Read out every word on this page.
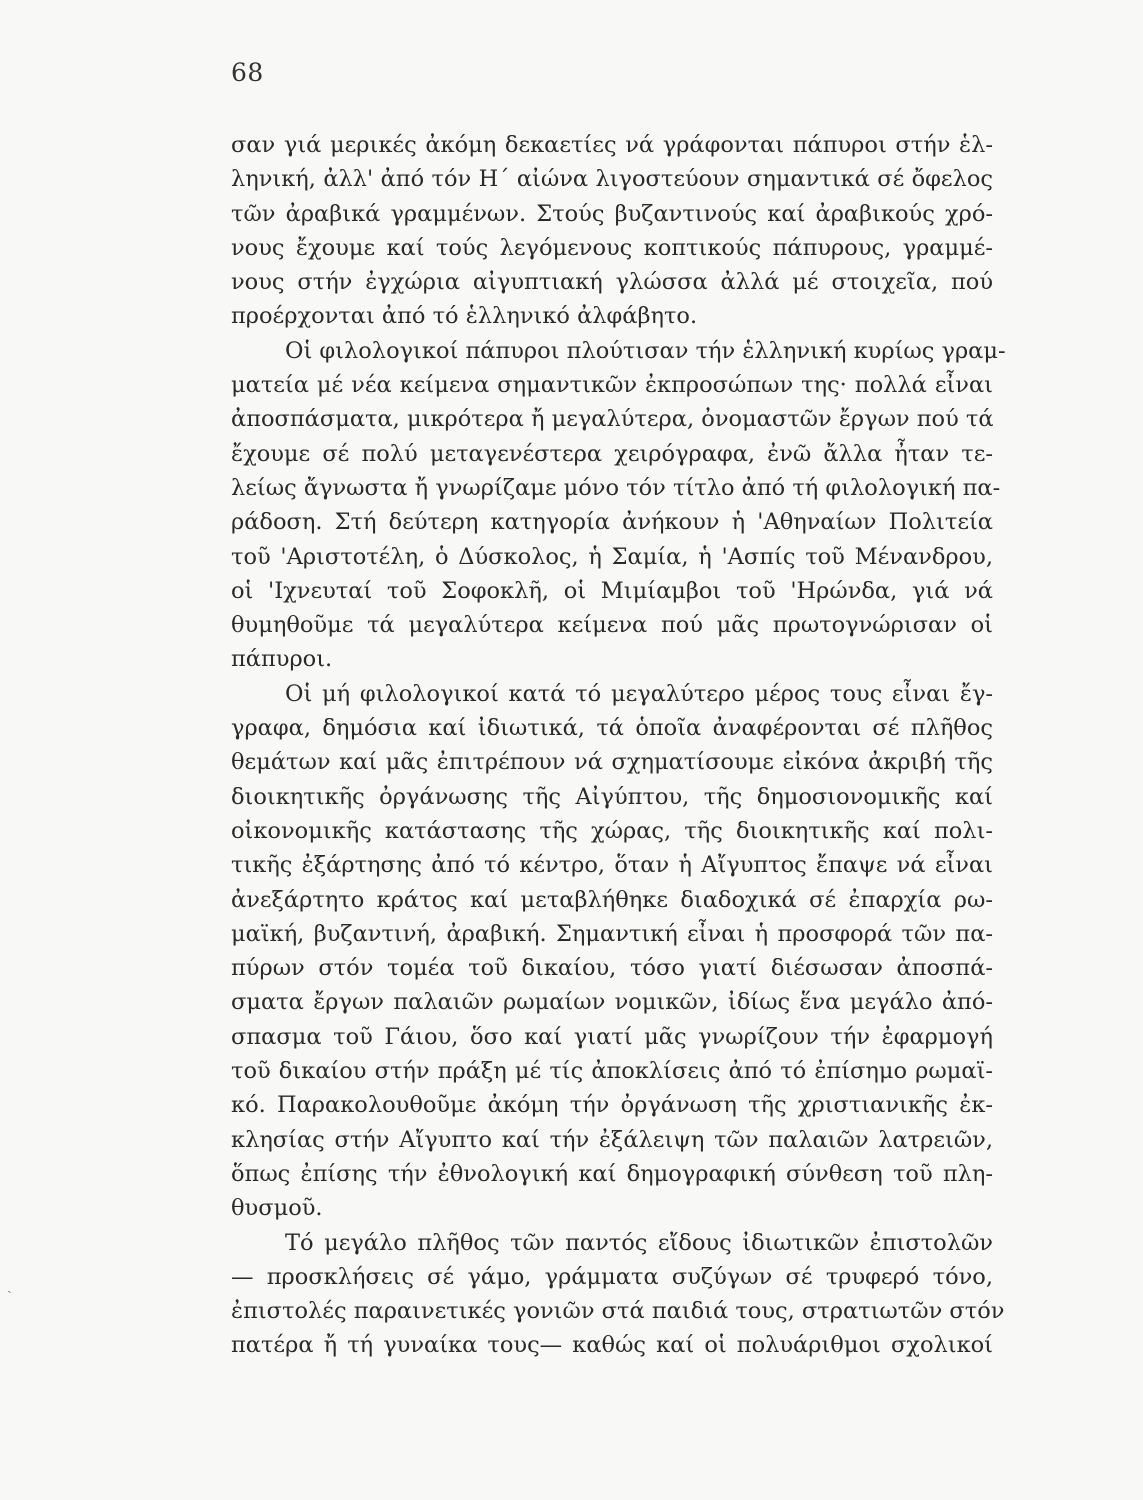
68
σαν γιά μερικές ἀκόμη δεκαετίες νά γράφονται πάπυροι στήν ἑλ-
ληνική, ἀλλ' ἀπό τόν Η΄ αἰώνα λιγοστεύουν σημαντικά σέ ὄφελος
τῶν ἀραβικά γραμμένων. Στούς βυζαντινούς καί ἀραβικούς χρό-
νους ἔχουμε καί τούς λεγόμενους κοπτικούς πάπυρους, γραμμέ-
νους στήν ἐγχώρια αἰγυπτιακή γλώσσα ἀλλά μέ στοιχεῖα, πού
προέρχονται ἀπό τό ἑλληνικό ἀλφάβητο.
Οἱ φιλολογικοί πάπυροι πλούτισαν τήν ἑλληνική κυρίως γραμ-
ματεία μέ νέα κείμενα σημαντικῶν ἐκπροσώπων της· πολλά εἶναι
ἀποσπάσματα, μικρότερα ἤ μεγαλύτερα, ὀνομαστῶν ἔργων πού τά
ἔχουμε σέ πολύ μεταγενέστερα χειρόγραφα, ἐνῶ ἄλλα ἦταν τε-
λείως ἄγνωστα ἤ γνωρίζαμε μόνο τόν τίτλο ἀπό τή φιλολογική πα-
ράδοση. Στή δεύτερη κατηγορία ἀνήκουν ἡ 'Αθηναίων Πολιτεία
τοῦ 'Αριστοτέλη, ὁ Δύσκολος, ἡ Σαμία, ἡ 'Ασπίς τοῦ Μένανδρου,
οἱ 'Ιχνευταί τοῦ Σοφοκλῆ, οἱ Μιμίαμβοι τοῦ 'Ηρώνδα, γιά νά
θυμηθοῦμε τά μεγαλύτερα κείμενα πού μᾶς πρωτογνώρισαν οἱ
πάπυροι.
Οἱ μή φιλολογικοί κατά τό μεγαλύτερο μέρος τους εἶναι ἔγ-
γραφα, δημόσια καί ἰδιωτικά, τά ὁποῖα ἀναφέρονται σέ πλῆθος
θεμάτων καί μᾶς ἐπιτρέπουν νά σχηματίσουμε εἰκόνα ἀκριβή τῆς
διοικητικῆς ὀργάνωσης τῆς Αἰγύπτου, τῆς δημοσιονομικῆς καί
οἰκονομικῆς κατάστασης τῆς χώρας, τῆς διοικητικῆς καί πολι-
τικῆς ἐξάρτησης ἀπό τό κέντρο, ὅταν ἡ Αἴγυπτος ἔπαψε νά εἶναι
ἀνεξάρτητο κράτος καί μεταβλήθηκε διαδοχικά σέ ἐπαρχία ρω-
μαϊκή, βυζαντινή, ἀραβική. Σημαντική εἶναι ἡ προσφορά τῶν πα-
πύρων στόν τομέα τοῦ δικαίου, τόσο γιατί διέσωσαν ἀποσπά-
σματα ἔργων παλαιῶν ρωμαίων νομικῶν, ἰδίως ἕνα μεγάλο ἀπό-
σπασμα τοῦ Γάιου, ὅσο καί γιατί μᾶς γνωρίζουν τήν ἐφαρμογή
τοῦ δικαίου στήν πράξη μέ τίς ἀποκλίσεις ἀπό τό ἐπίσημο ρωμαϊ-
κό. Παρακολουθοῦμε ἀκόμη τήν ὀργάνωση τῆς χριστιανικῆς ἐκ-
κλησίας στήν Αἴγυπτο καί τήν ἐξάλειψη τῶν παλαιῶν λατρειῶν,
ὅπως ἐπίσης τήν ἐθνολογική καί δημογραφική σύνθεση τοῦ πλη-
θυσμοῦ.
Τό μεγάλο πλῆθος τῶν παντός εἴδους ἰδιωτικῶν ἐπιστολῶν
— προσκλήσεις σέ γάμο, γράμματα συζύγων σέ τρυφερό τόνο,
ἐπιστολές παραινετικές γονιῶν στά παιδιά τους, στρατιωτῶν στόν
πατέρα ἤ τή γυναίκα τους— καθώς καί οἱ πολυάριθμοι σχολικοί
ˏ
